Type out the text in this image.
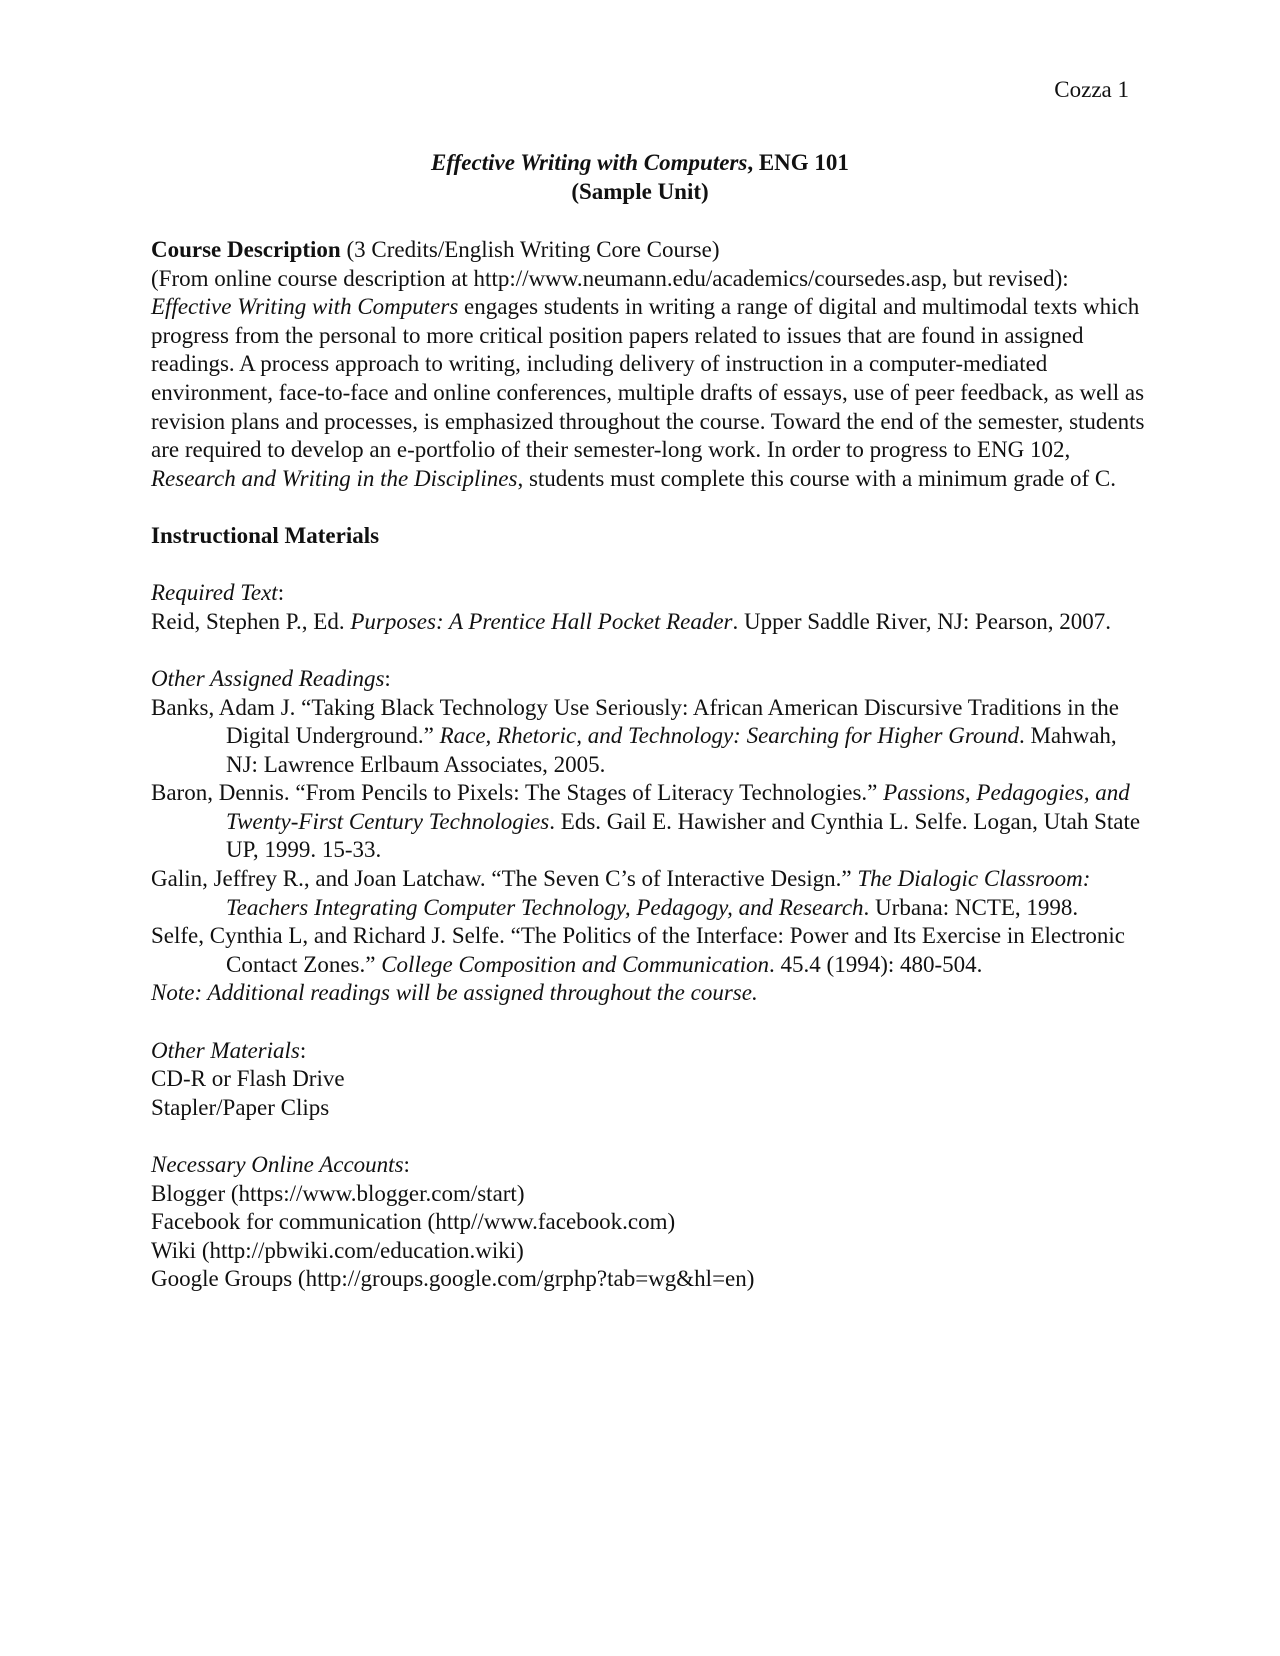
Cozza 1

Effective Writing with Computers, ENG 101

(Sample Unit)

Course Description (3 Credits/English Writing Core Course)

(From online course description at http://www.neumann.edu/academics/coursedes.asp, but revised):

Effective Writing with Computers engages students in writing a range of digital and multimodal texts which progress from the personal to more critical position papers related to issues that are found in assigned readings. A process approach to writing, including delivery of instruction in a computer-mediated environment, face-to-face and online conferences, multiple drafts of essays, use of peer feedback, as well as revision plans and processes, is emphasized throughout the course. Toward the end of the semester, students are required to develop an e-portfolio of their semester-long work. In order to progress to ENG 102, Research and Writing in the Disciplines, students must complete this course with a minimum grade of C.

Instructional Materials

Required Text:

Reid, Stephen P., Ed. Purposes: A Prentice Hall Pocket Reader. Upper Saddle River, NJ: Pearson, 2007.

Other Assigned Readings:

Banks, Adam J. “Taking Black Technology Use Seriously: African American Discursive Traditions in the Digital Underground.” Race, Rhetoric, and Technology: Searching for Higher Ground. Mahwah, NJ: Lawrence Erlbaum Associates, 2005.

Baron, Dennis. “From Pencils to Pixels: The Stages of Literacy Technologies.” Passions, Pedagogies, and Twenty-First Century Technologies. Eds. Gail E. Hawisher and Cynthia L. Selfe. Logan, Utah State UP, 1999. 15-33.

Galin, Jeffrey R., and Joan Latchaw. “The Seven C’s of Interactive Design.” The Dialogic Classroom: Teachers Integrating Computer Technology, Pedagogy, and Research. Urbana: NCTE, 1998.

Selfe, Cynthia L, and Richard J. Selfe. “The Politics of the Interface: Power and Its Exercise in Electronic Contact Zones.” College Composition and Communication. 45.4 (1994): 480-504.

Note: Additional readings will be assigned throughout the course.

Other Materials:

CD-R or Flash Drive

Stapler/Paper Clips

Necessary Online Accounts:

Blogger (https://www.blogger.com/start)

Facebook for communication (http//www.facebook.com)

Wiki (http://pbwiki.com/education.wiki)

Google Groups (http://groups.google.com/grphp?tab=wg&hl=en)
